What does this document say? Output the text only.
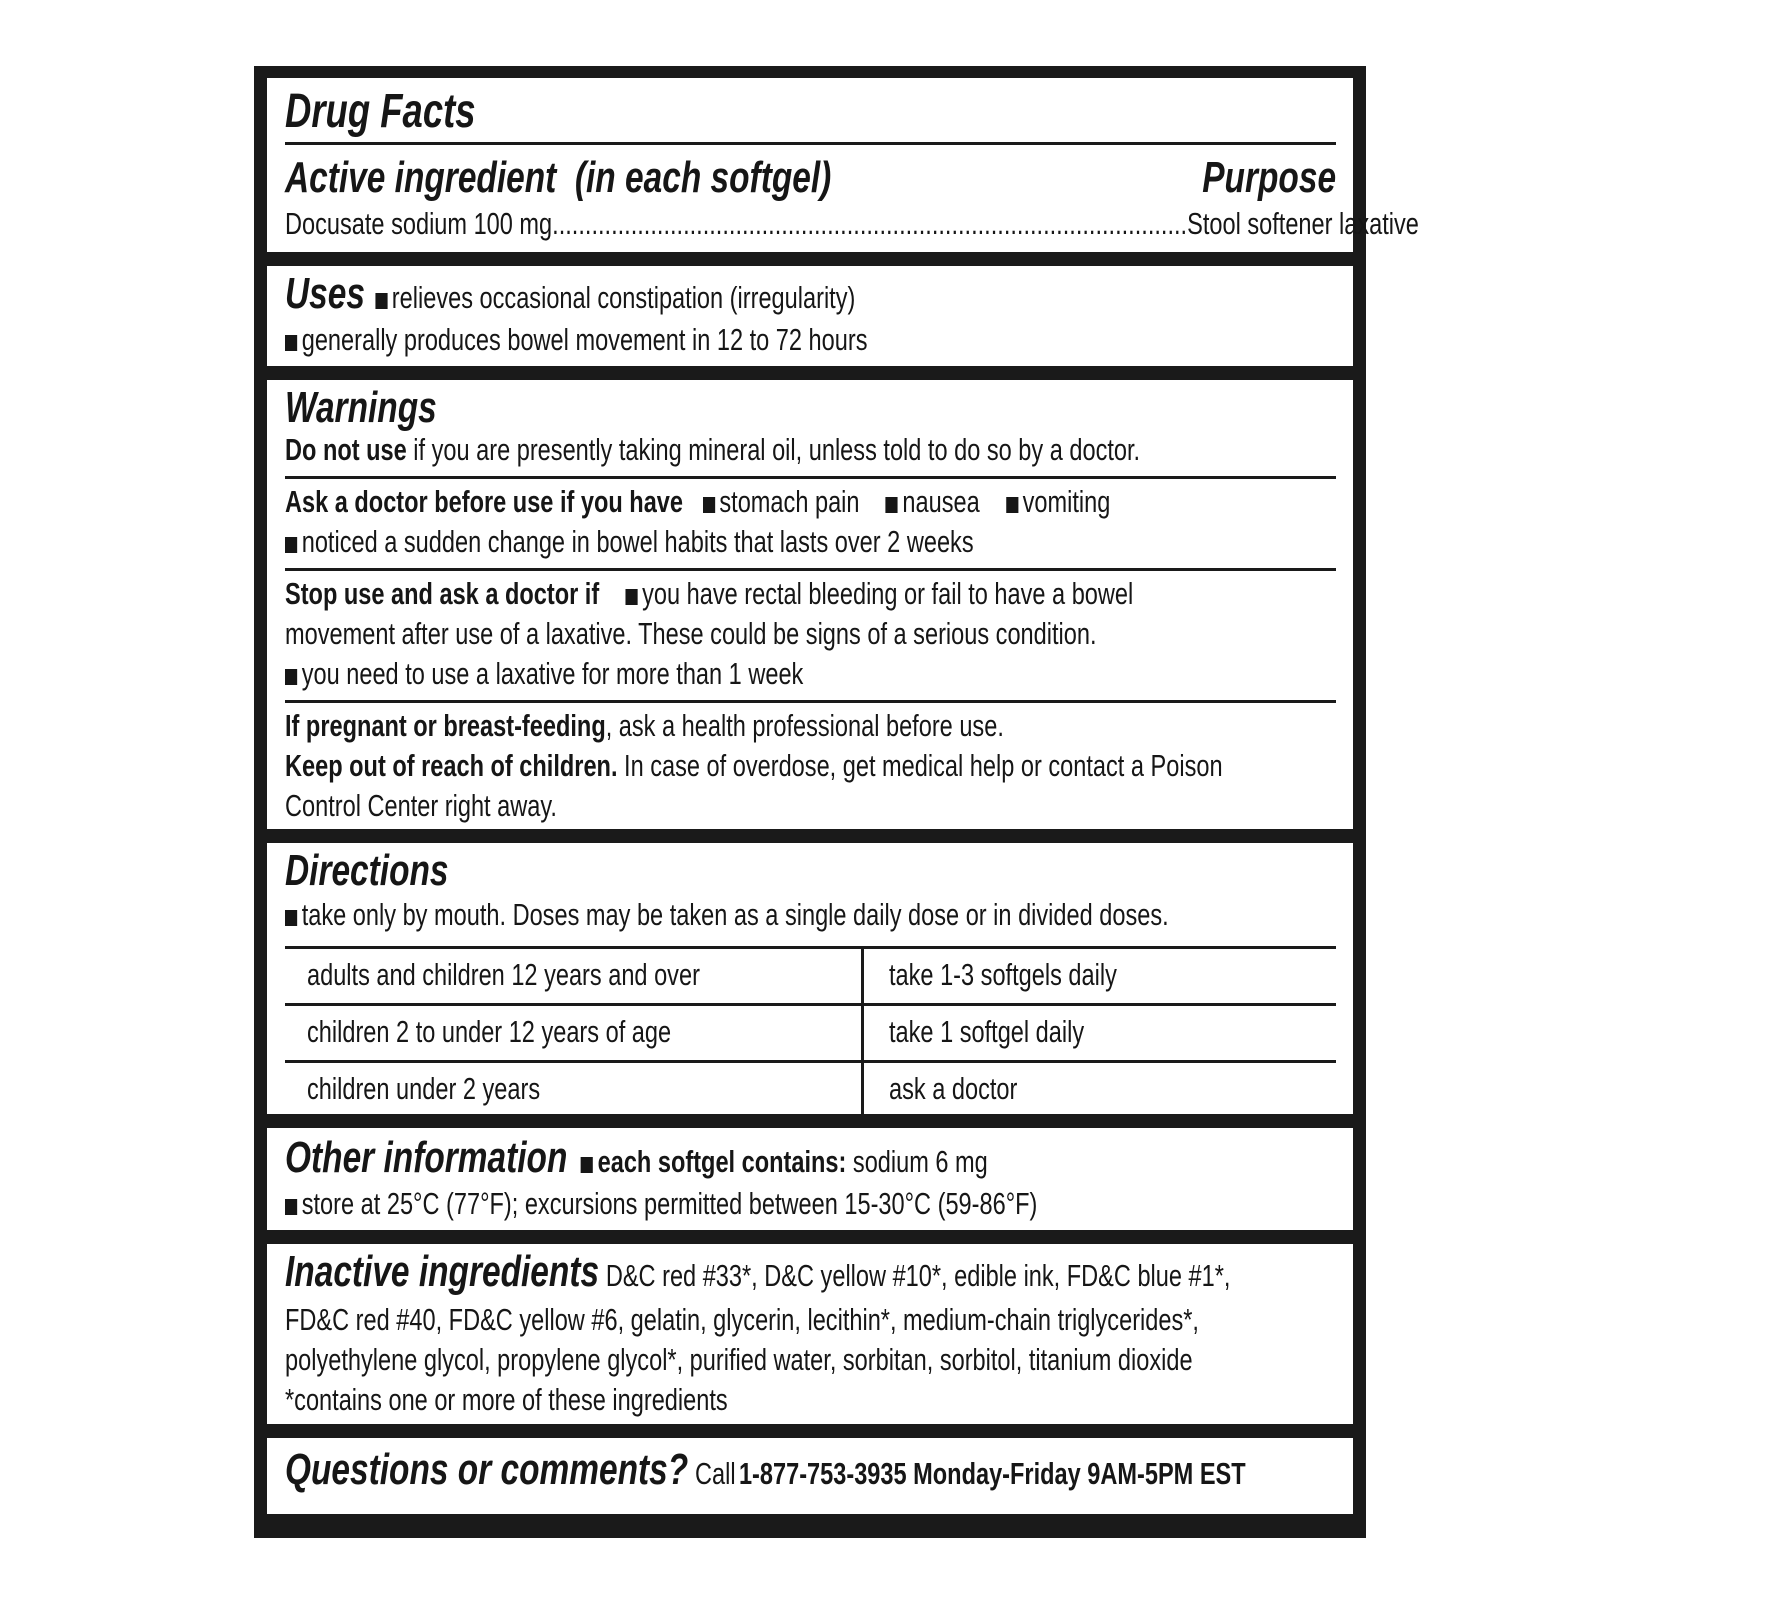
Drug Facts
Active ingredient (in each softgel)	Purpose
Docusate sodium 100 mg.................................................................................................Stool softener laxative
Uses relieves occasional constipation (irregularity)
generally produces bowel movement in 12 to 72 hours
Warnings
Do not use if you are presently taking mineral oil, unless told to do so by a doctor.
Ask a doctor before use if you have stomach pain nausea vomiting
noticed a sudden change in bowel habits that lasts over 2 weeks
Stop use and ask a doctor if you have rectal bleeding or fail to have a bowel
movement after use of a laxative. These could be signs of a serious condition.
you need to use a laxative for more than 1 week
If pregnant or breast-feeding, ask a health professional before use.
Keep out of reach of children. In case of overdose, get medical help or contact a Poison
Control Center right away.
Directions
take only by mouth. Doses may be taken as a single daily dose or in divided doses.
adults and children 12 years and over	take 1-3 softgels daily
children 2 to under 12 years of age	take 1 softgel daily
children under 2 years	ask a doctor
Other information each softgel contains: sodium 6 mg
store at 25°C (77°F); excursions permitted between 15-30°C (59-86°F)
Inactive ingredients D&C red #33*, D&C yellow #10*, edible ink, FD&C blue #1*,
FD&C red #40, FD&C yellow #6, gelatin, glycerin, lecithin*, medium-chain triglycerides*,
polyethylene glycol, propylene glycol*, purified water, sorbitan, sorbitol, titanium dioxide
*contains one or more of these ingredients
Questions or comments? Call 1-877-753-3935 Monday-Friday 9AM-5PM EST
